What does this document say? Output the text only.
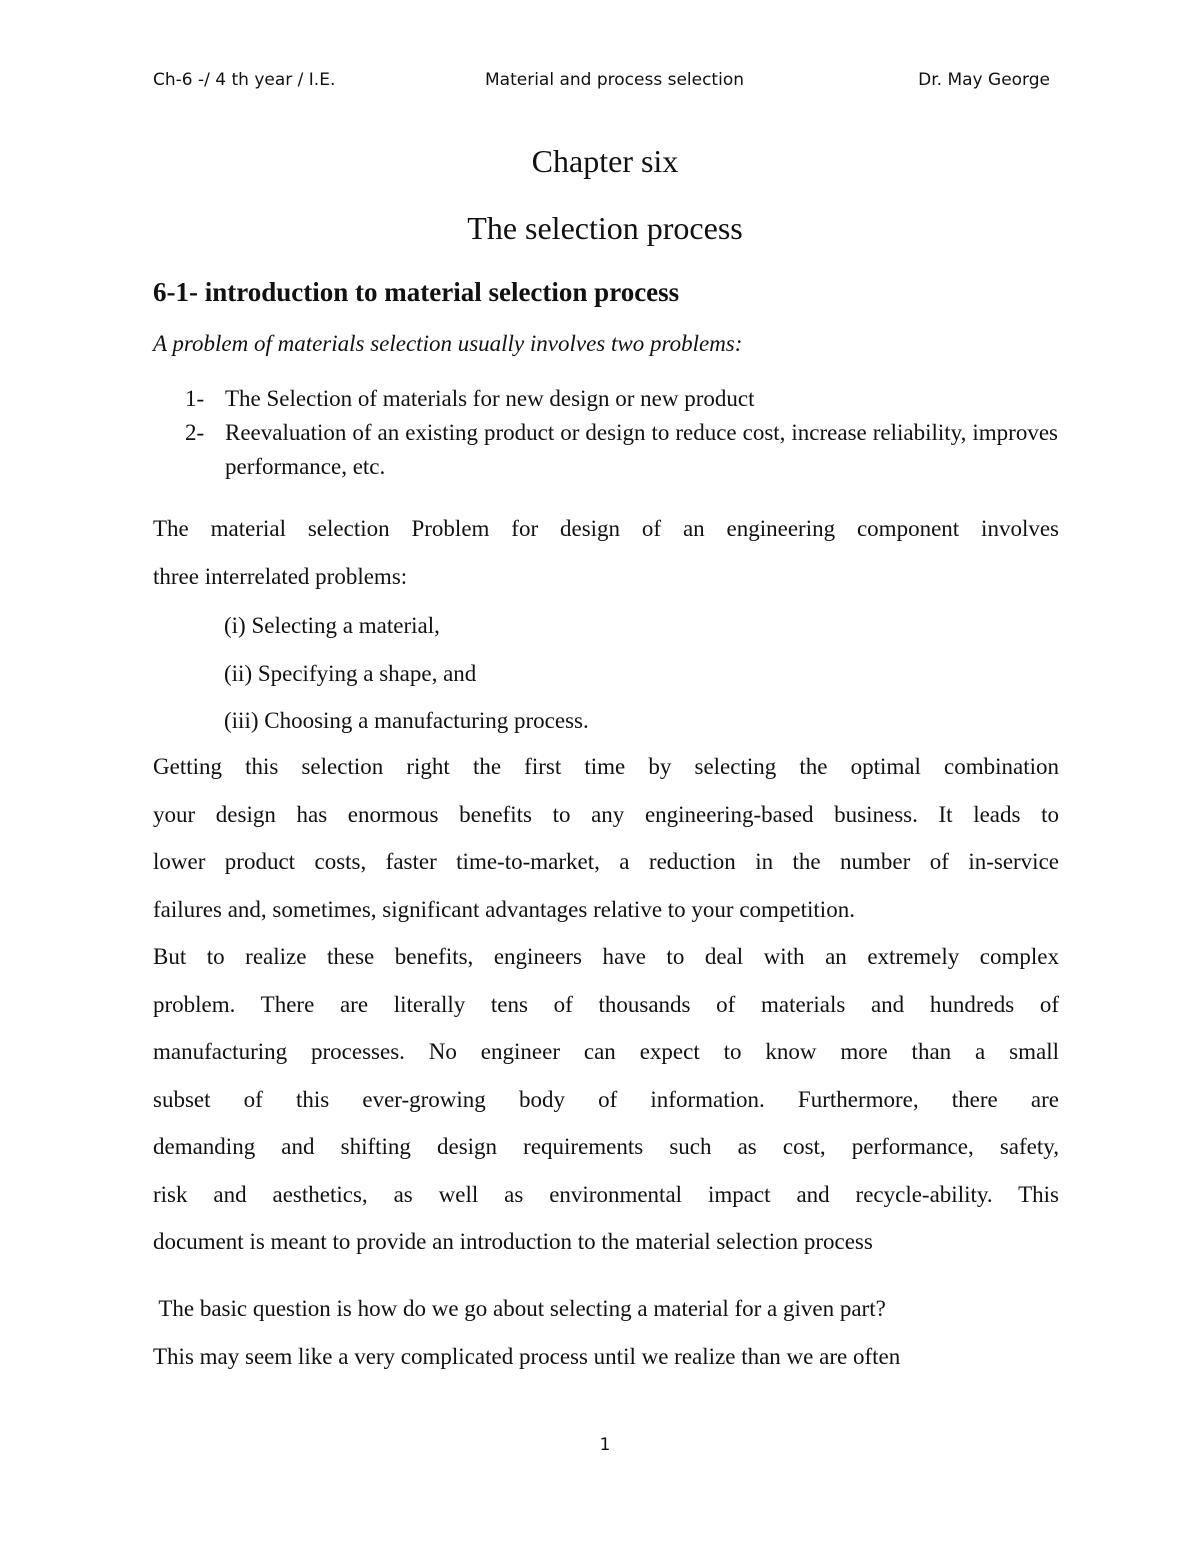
Ch-6 -/ 4 th year / I.E.	Material and process selection	Dr. May George
Chapter six
The selection process
6-1- introduction to material selection process
A problem of materials selection usually involves two problems:
1- The Selection of materials for new design or new product
2- Reevaluation of an existing product or design to reduce cost, increase reliability, improves performance, etc.
The material selection Problem for design of an engineering component involves
three interrelated problems:
(i) Selecting a material,
(ii) Specifying a shape, and
(iii) Choosing a manufacturing process.
Getting this selection right the first time by selecting the optimal combination
your design has enormous benefits to any engineering-based business. It leads to
lower product costs, faster time-to-market, a reduction in the number of in-service
failures and, sometimes, significant advantages relative to your competition.
But to realize these benefits, engineers have to deal with an extremely complex
problem. There are literally tens of thousands of materials and hundreds of
manufacturing processes. No engineer can expect to know more than a small
subset of this ever-growing body of information. Furthermore, there are
demanding and shifting design requirements such as cost, performance, safety,
risk and aesthetics, as well as environmental impact and recycle-ability. This
document is meant to provide an introduction to the material selection process
The basic question is how do we go about selecting a material for a given part?
This may seem like a very complicated process until we realize than we are often
1
